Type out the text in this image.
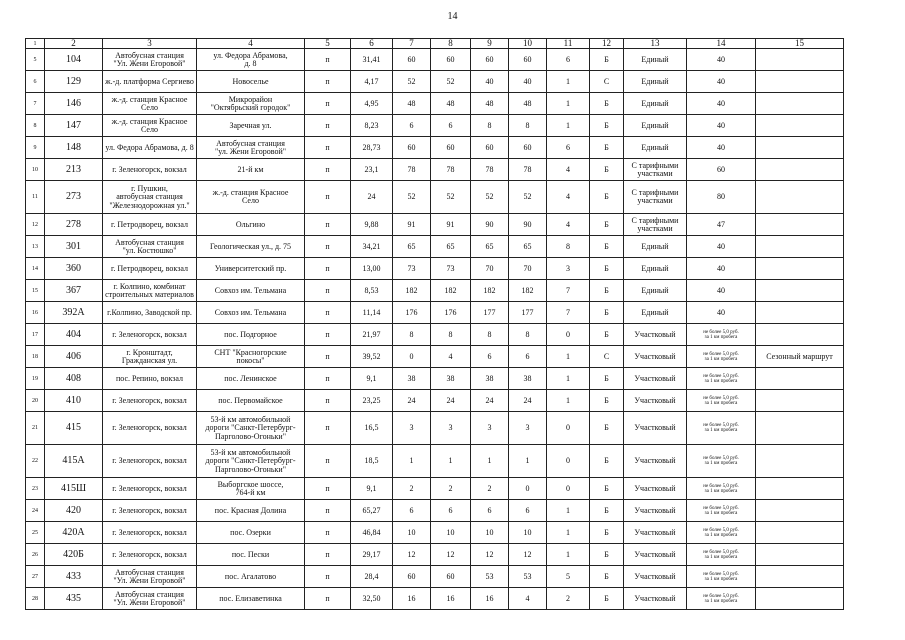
14
1	2	3	4	5	6	7	8	9	10	11	12	13	14	15
5	104	Автобусная станция
"Ул. Жени Егоровой"	ул. Федора Абрамова,
д. 8	п	31,41	60	60	60	60	6	Б	Единый	40	
6	129	ж.-д. платформа Сергиево	Новоселье	п	4,17	52	52	40	40	1	С	Единый	40	
7	146	ж.-д. станция Красное Село	Микрорайон
"Октябрьский городок"	п	4,95	48	48	48	48	1	Б	Единый	40	
8	147	ж.-д. станция Красное Село	Заречная ул.	п	8,23	6	6	8	8	1	Б	Единый	40	
9	148	ул. Федора Абрамова, д. 8	Автобусная станция
"ул. Жени Егоровой"	п	28,73	60	60	60	60	6	Б	Единый	40	
10	213	г. Зеленогорск, вокзал	21-й км	п	23,1	78	78	78	78	4	Б	С тарифными
участками	60	
11	273	г. Пушкин,
автобусная станция
"Железнодорожная ул."	ж.-д. станция Красное
Село	п	24	52	52	52	52	4	Б	С тарифными
участками	80	
12	278	г. Петродворец, вокзал	Ольгино	п	9,88	91	91	90	90	4	Б	С тарифными
участками	47	
13	301	Автобусная станция
"ул. Костюшко"	Геологическая ул., д. 75	п	34,21	65	65	65	65	8	Б	Единый	40	
14	360	г. Петродворец, вокзал	Университетский пр.	п	13,00	73	73	70	70	3	Б	Единый	40	
15	367	г. Колпино, комбинат
строительных материалов	Совхоз им. Тельмана	п	8,53	182	182	182	182	7	Б	Единый	40	
16	392А	г.Колпино, Заводской пр.	Совхоз им. Тельмана	п	11,14	176	176	177	177	7	Б	Единый	40	
17	404	г. Зеленогорск, вокзал	пос. Подгорное	п	21,97	8	8	8	8	0	Б	Участковый	не более 5,0 руб.
за 1 км пробега	
18	406	г. Кронштадт,
Гражданская ул.	СНТ "Красногорские
покосы"	п	39,52	0	4	6	6	1	С	Участковый	не более 5,0 руб.
за 1 км пробега	Сезонный маршрут
19	408	пос. Репино, вокзал	пос. Ленинское	п	9,1	38	38	38	38	1	Б	Участковый	не более 5,0 руб.
за 1 км пробега	
20	410	г. Зеленогорск, вокзал	пос. Первомайское	п	23,25	24	24	24	24	1	Б	Участковый	не более 5,0 руб.
за 1 км пробега	
21	415	г. Зеленогорск, вокзал	53-й км автомобильной
дороги "Санкт-Петербург-
Парголово-Огоньки"	п	16,5	3	3	3	3	0	Б	Участковый	не более 5,0 руб.
за 1 км пробега	
22	415А	г. Зеленогорск, вокзал	53-й км автомобильной
дороги "Санкт-Петербург-
Парголово-Огоньки"	п	18,5	1	1	1	1	0	Б	Участковый	не более 5,0 руб.
за 1 км пробега	
23	415Ш	г. Зеленогорск, вокзал	Выборгское шоссе,
764-й км	п	9,1	2	2	2	0	0	Б	Участковый	не более 5,0 руб.
за 1 км пробега	
24	420	г. Зеленогорск, вокзал	пос. Красная Долина	п	65,27	6	6	6	6	1	Б	Участковый	не более 5,0 руб.
за 1 км пробега	
25	420А	г. Зеленогорск, вокзал	пос. Озерки	п	46,84	10	10	10	10	1	Б	Участковый	не более 5,0 руб.
за 1 км пробега	
26	420Б	г. Зеленогорск, вокзал	пос. Пески	п	29,17	12	12	12	12	1	Б	Участковый	не более 5,0 руб.
за 1 км пробега	
27	433	Автобусная станция
"Ул. Жени Егоровой"	пос. Агалатово	п	28,4	60	60	53	53	5	Б	Участковый	не более 5,0 руб.
за 1 км пробега	
28	435	Автобусная станция
"Ул. Жени Егоровой"	пос. Елизаветинка	п	32,50	16	16	16	4	2	Б	Участковый	не более 5,0 руб.
за 1 км пробега	
